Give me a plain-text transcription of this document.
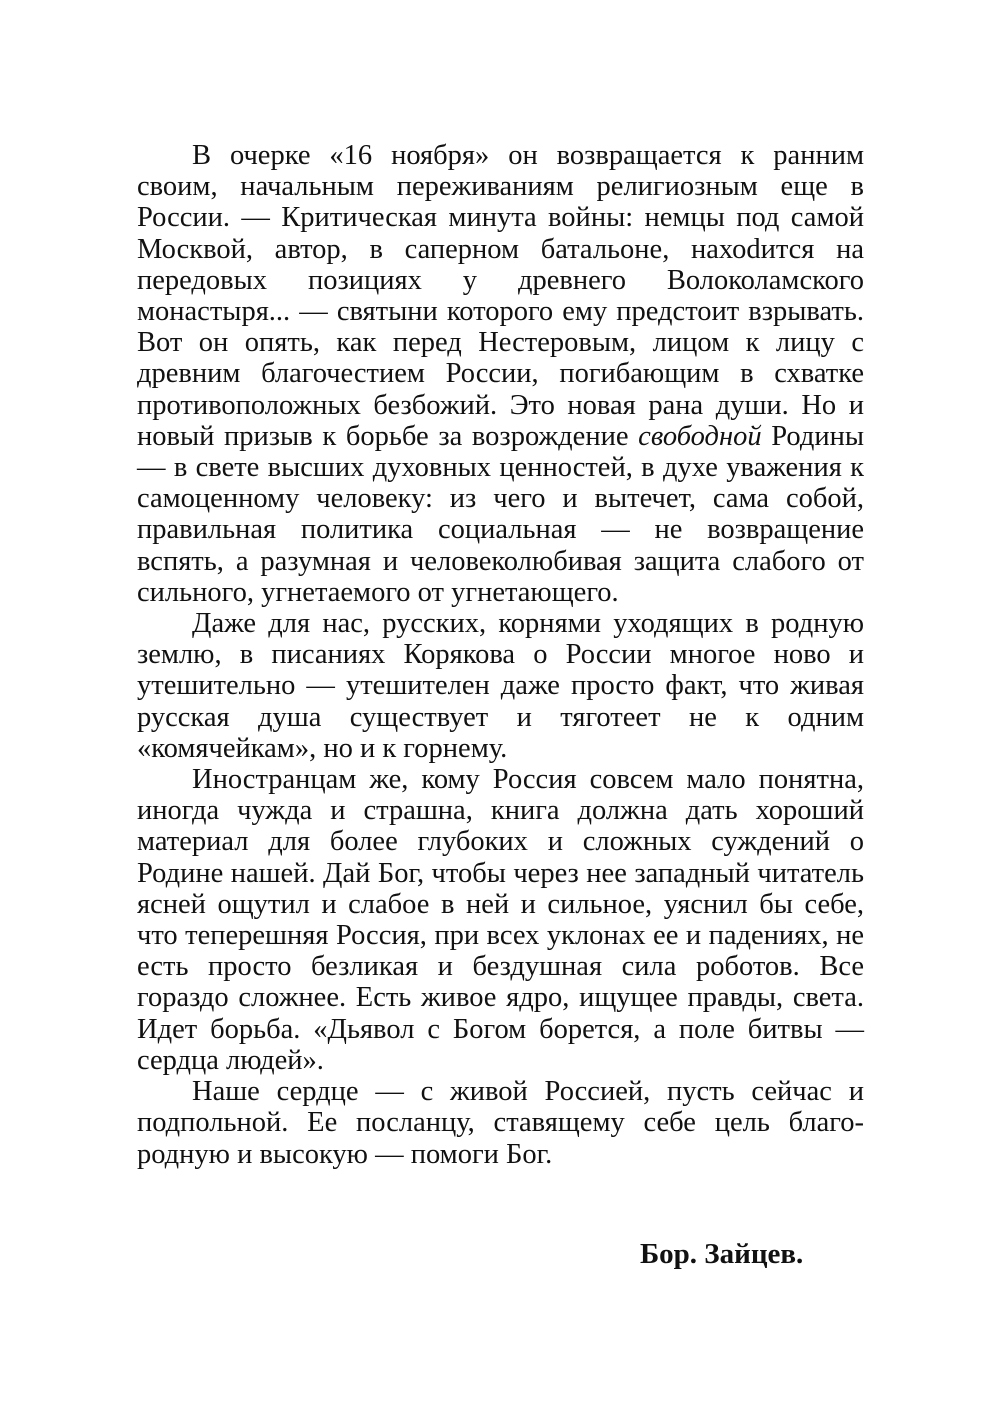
В очерке «16 ноября» он возвращается к ранним своим, начальным переживаниям религиозным еще в России. — Критическая минута войны: немцы под самой Москвой, автор, в саперном батальоне, нахоdится на передовых позициях у древнего Волоколамского монастыря... — святыни которого ему предстоит взрывать. Вот он опять, как перед Нестеровым, лицом к лицу с древним благочестием России, погибающим в схватке противоположных безбожий. Это новая рана души. Но и новый призыв к борьбе за возрождение свободной Родины — в свете высших духовных ценностей, в духе уважения к самоценному человеку: из чего и вытечет, сама собой, правильная политика социальная — не возвращение вспять, а разумная и человеколюбивая защита слабого от сильного, угнетаемого от угнетающего.

Даже для нас, русских, корнями уходящих в родную землю, в писаниях Корякова о России многое ново и утешительно — утешителен даже просто факт, что живая русская душа существует и тяготеет не к одним «комячейкам», но и к горнему.

Иностранцам же, кому Россия совсем мало понятна, иногда чужда и страшна, книга должна дать хороший материал для более глубоких и сложных суждений о Родине нашей. Дай Бог, чтобы через нее западный читатель ясней ощутил и слабое в ней и сильное, уяснил бы себе, что теперешняя Россия, при всех уклонах ее и падениях, не есть просто безликая и бездушная сила роботов. Все гораздо сложнее. Есть живое ядро, ищущее правды, света. Идет борьба. «Дьявол с Богом борется, а поле битвы — сердца людей».

Наше сердце — с живой Россией, пусть сейчас и подпольной. Ее посланцу, ставящему себе цель благородную и высокую — помоги Бог.

Бор. Зайцев.
